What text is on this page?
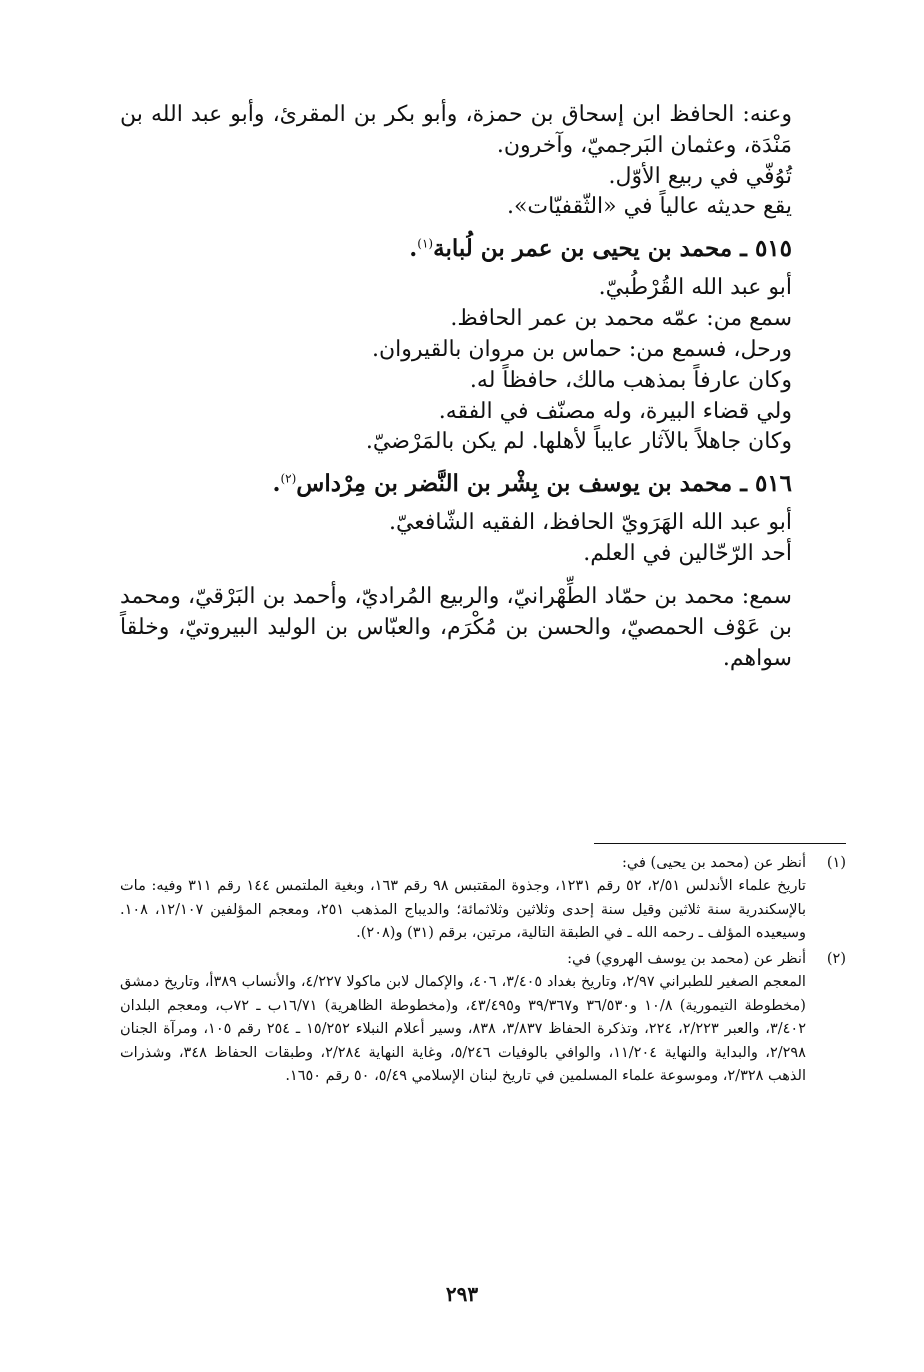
وعنه: الحافظ ابن إسحاق بن حمزة، وأبو بكر بن المقرئ، وأبو عبد الله بن مَنْدَة، وعثمان البَرجميّ، وآخرون.

تُوُفّي في ربيع الأوّل.

يقع حديثه عالياً في «الثّقفيّات».

٥١٥ ـ محمد بن يحيى بن عمر بن لُبابة$^{(١)}$.

أبو عبد الله القُرْطُبيّ.

سمع من: عمّه محمد بن عمر الحافظ.

ورحل، فسمع من: حماس بن مروان بالقيروان.

وكان عارفاً بمذهب مالك، حافظاً له.

ولي قضاء البيرة، وله مصنّف في الفقه.

وكان جاهلاً بالآثار عايباً لأهلها. لم يكن بالمَرْضيّ.

٥١٦ ـ محمد بن يوسف بن بِشْر بن النَّضر بن مِرْداس$^{(٢)}$.

أبو عبد الله الهَرَويّ الحافظ، الفقيه الشّافعيّ.

أحد الرّحّالين في العلم.

سمع: محمد بن حمّاد الطِّهْرانيّ، والربيع المُراديّ، وأحمد بن البَرْقيّ، ومحمد بن عَوْف الحمصيّ، والحسن بن مُكْرَم، والعبّاس بن الوليد البيروتيّ، وخلقاً سواهم.

(١)

أنظر عن (محمد بن يحيى) في:

تاريخ علماء الأندلس ٢/٥١، ٥٢ رقم ١٢٣١، وجذوة المقتبس ٩٨ رقم ١٦٣، وبغية الملتمس ١٤٤ رقم ٣١١ وفيه: مات بالإسكندرية سنة ثلاثين وقيل سنة إحدى وثلاثين وثلاثمائة؛ والديباج المذهب ٢٥١، ومعجم المؤلفين ١٢/١٠٧، ١٠٨. وسيعيده المؤلف ـ رحمه الله ـ في الطبقة التالية، مرتين، برقم (٣١) و(٢٠٨).

(٢)

أنظر عن (محمد بن يوسف الهروي) في:

المعجم الصغير للطبراني ٢/٩٧، وتاريخ بغداد ٣/٤٠٥، ٤٠٦، والإكمال لابن ماكولا ٤/٢٢٧، والأنساب ٣٨٩أ، وتاريخ دمشق (مخطوطة التيمورية) ١٠/٨ و٣٦/٥٣٠ و٣٩/٣٦٧ و٤٣/٤٩٥، و(مخطوطة الظاهرية) ١٦/٧١ب ـ ٧٢ب، ومعجم البلدان ٣/٤٠٢، والعبر ٢/٢٢٣، ٢٢٤، وتذكرة الحفاظ ٣/٨٣٧، ٨٣٨، وسير أعلام النبلاء ١٥/٢٥٢ ـ ٢٥٤ رقم ١٠٥، ومرآة الجنان ٢/٢٩٨، والبداية والنهاية ١١/٢٠٤، والوافي بالوفيات ٥/٢٤٦، وغاية النهاية ٢/٢٨٤، وطبقات الحفاظ ٣٤٨، وشذرات الذهب ٢/٣٢٨، وموسوعة علماء المسلمين في تاريخ لبنان الإسلامي ٥/٤٩، ٥٠ رقم ١٦٥٠.

٢٩٣
